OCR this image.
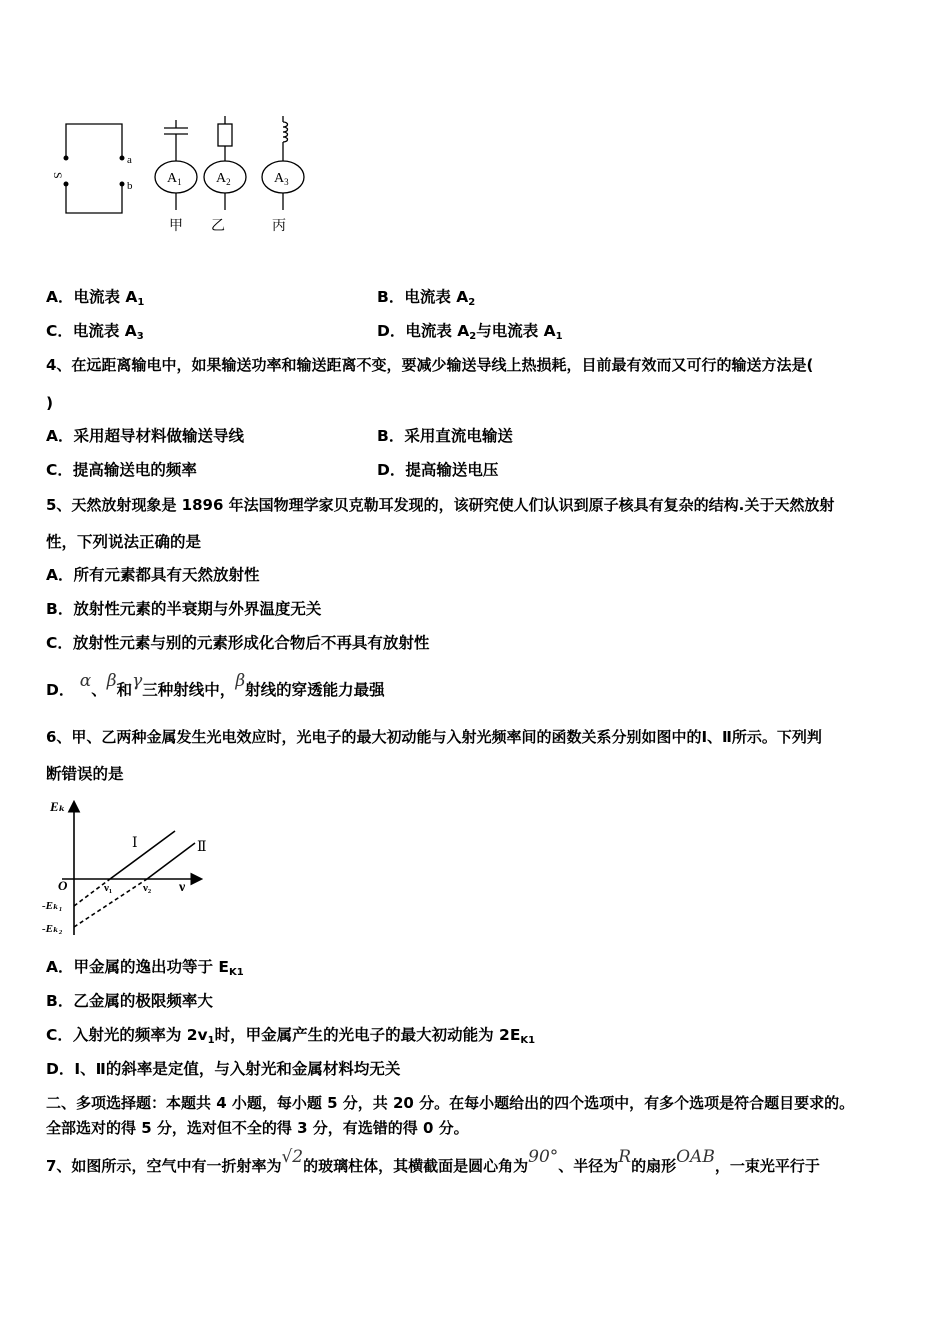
S
a
b $A_1$ $A_2$	$A_3$
甲 乙	丙
A．电流表 $A_1$	B．电流表 $A_2$
C．电流表 $A_3$	D．电流表 $A_2$与电流表 $A_1$
4、在远距离输电中，如果输送功率和输送距离不变，要减少输送导线上热损耗，目前最有效而又可行的输送方法是(
)
A．采用超导材料做输送导线	B．采用直流电输送
C．提高输送电的频率	D．提高输送电压
5、天然放射现象是 1896 年法国物理学家贝克勒耳发现的，该研究使人们认识到原子核具有复杂的结构.关于天然放射
性，下列说法正确的是
A．所有元素都具有天然放射性
B．放射性元素的半衰期与外界温度无关
C．放射性元素与别的元素形成化合物后不再具有放射性
D． α、β和γ三种射线中，β射线的穿透能力最强
6、甲、乙两种金属发生光电效应时，光电子的最大初动能与入射光频率间的函数关系分别如图中的Ⅰ、Ⅱ所示。下列判
断错误的是
Eₖ
O	ν
ν₁	ν₂
-Eₖ₁
-Eₖ₂
Ⅰ	Ⅱ
A．甲金属的逸出功等于 $E_{K1}$
B．乙金属的极限频率大
C．入射光的频率为 $2v_1$时，甲金属产生的光电子的最大初动能为 $2E_{K1}$
D．Ⅰ、Ⅱ的斜率是定值，与入射光和金属材料均无关
二、多项选择题：本题共 4 小题，每小题 5 分，共 20 分。在每小题给出的四个选项中，有多个选项是符合题目要求的。
全部选对的得 5 分，选对但不全的得 3 分，有选错的得 0 分。
7、如图所示，空气中有一折射率为√2的玻璃柱体，其横截面是圆心角为90°、半径为R的扇形OAB，一束光平行于
